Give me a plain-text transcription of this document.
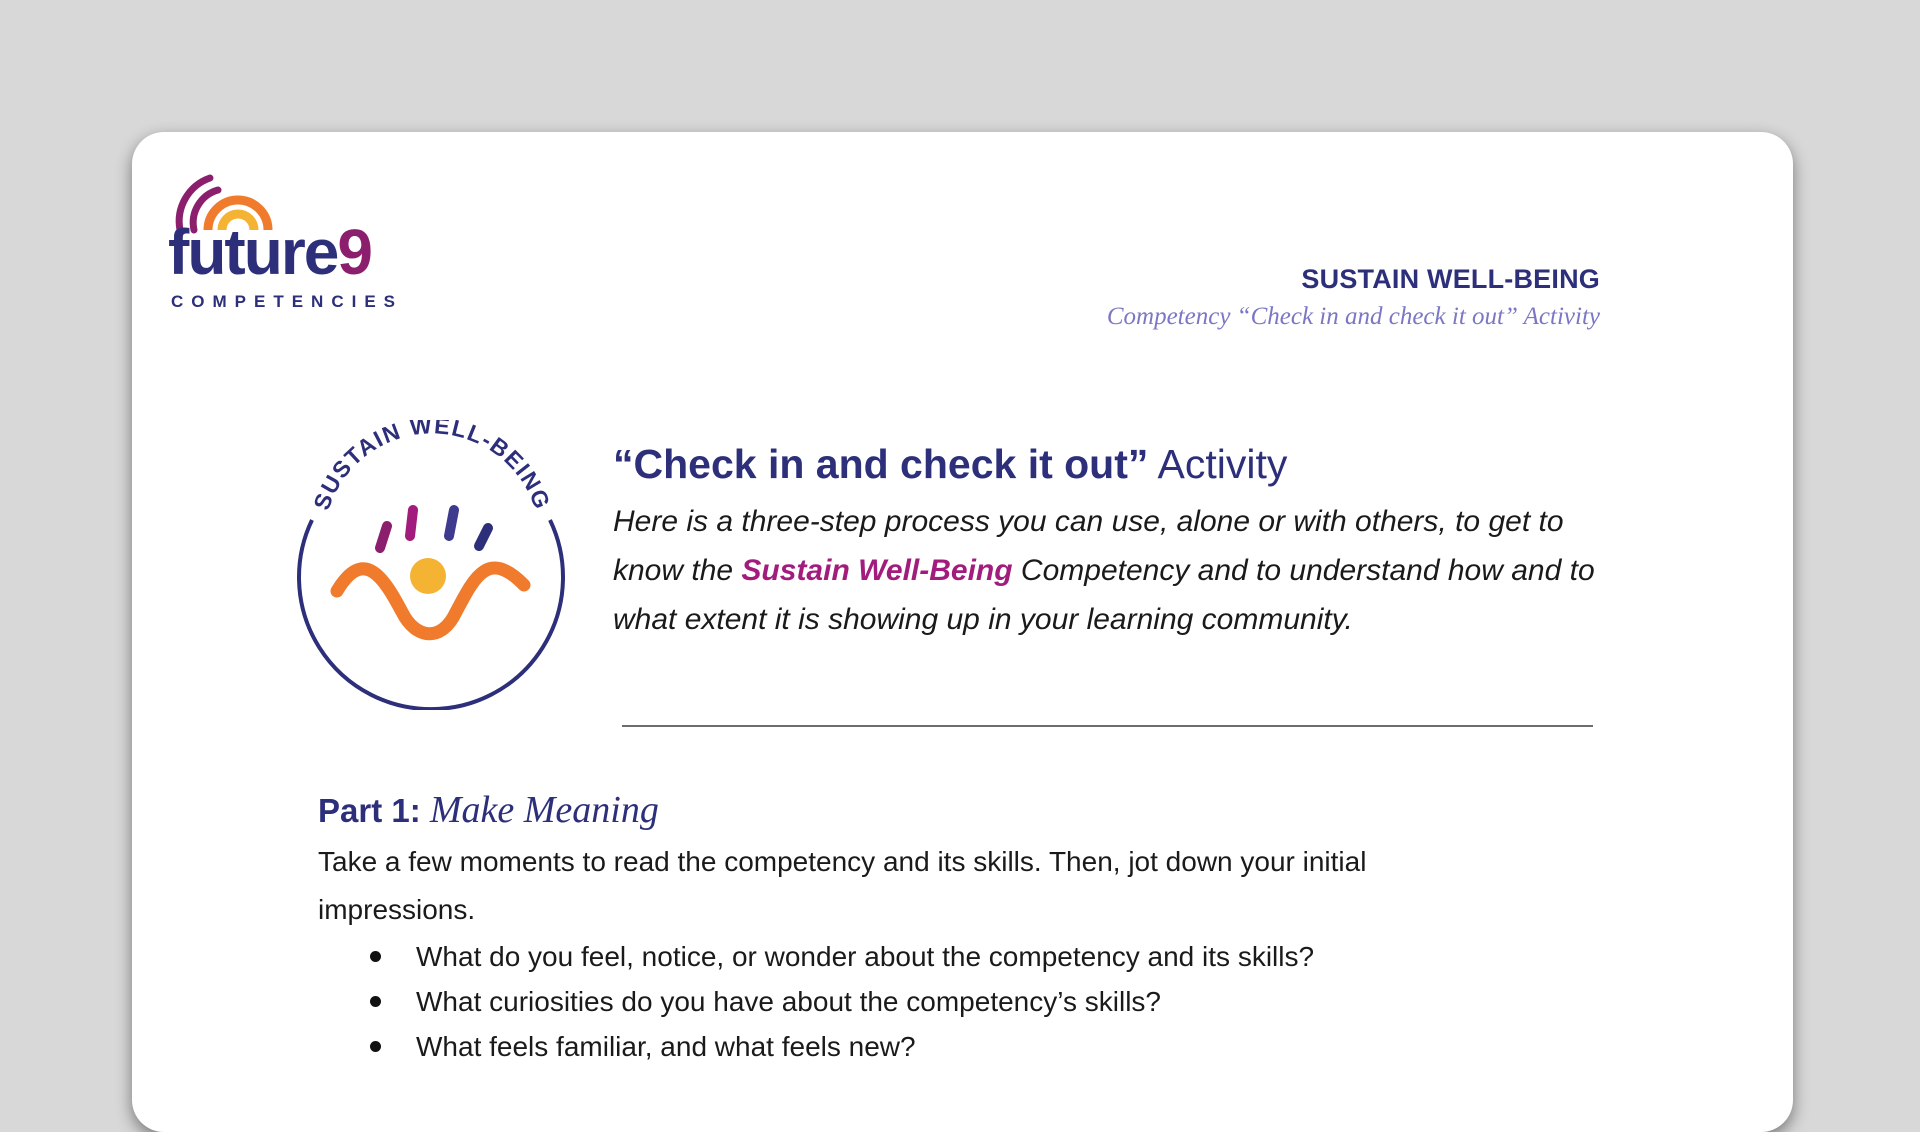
future9
COMPETENCIES
SUSTAIN WELL-BEING
Competency “Check in and check it out” Activity
SUSTAIN WELL-BEING
“Check in and check it out” Activity
Here is a three-step process you can use, alone or with others, to get to know the Sustain Well-Being Competency and to understand how and to what extent it is showing up in your learning community.
Part 1: Make Meaning
Take a few moments to read the competency and its skills. Then, jot down your initial impressions.
What do you feel, notice, or wonder about the competency and its skills?
What curiosities do you have about the competency’s skills?
What feels familiar, and what feels new?
